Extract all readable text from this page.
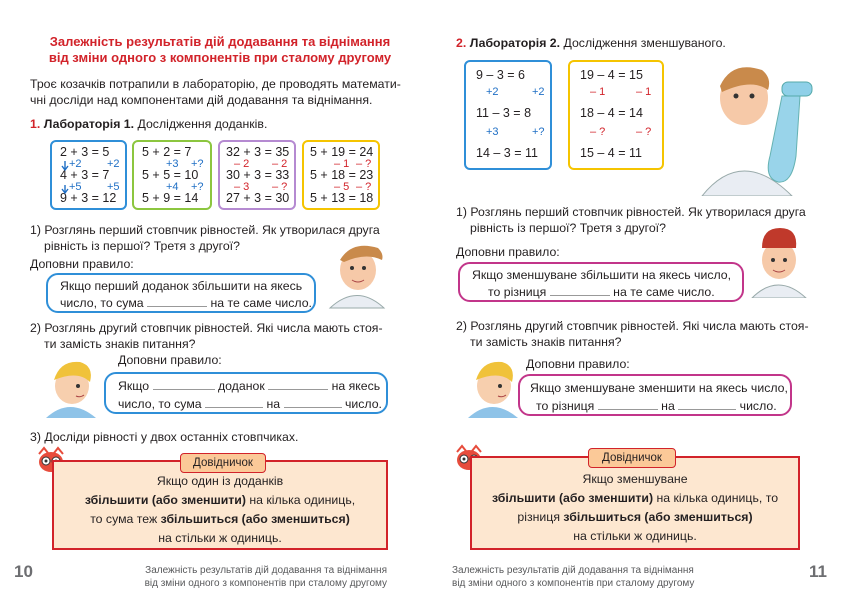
Залежність результатів дій додавання та віднімання
від зміни одного з компонентів при сталому другому
Троє козачків потрапили в лабораторію, де проводять математи-
чні досліди над компонентами дій додавання та віднімання.
1. Лабораторія 1. Дослідження доданків.
2 + 3 = 5
4 + 3 = 7
9 + 3 = 12
+2 +2
+5 +5
5 + 2 = 7
5 + 5 = 10
5 + 9 = 14
+3 +?
+4 +?
32 + 3 = 35
30 + 3 = 33
27 + 3 = 30
– 2 – 2
– 3 – ?
5 + 19 = 24
5 + 18 = 23
5 + 13 = 18
– 1 – ?
– 5 – ?
1) Розглянь перший стовпчик рівностей. Як утворилася друга
рівність із першої? Третя з другої?
Доповни правило:
Якщо перший доданок збільшити на якесь
число, то сума	на те саме число.
2) Розглянь другий стовпчик рівностей. Які числа мають стоя-
ти замість знаків питання?
Доповни правило:
Якщо	доданок	на якесь
число, то сума	на	число.
3) Досліди рівності у двох останніх стовпчиках.
Довідничок
Якщо один із доданків
збільшити (або зменшити) на кілька одиниць,
то сума теж збільшиться (або зменшиться)
на стільки ж одиниць.
10	Залежність результатів дій додавання та віднімання
від зміни одного з компонентів при сталому другому
2. Лабораторія 2. Дослідження зменшуваного.
9 – 3 = 6
11 – 3 = 8
14 – 3 = 11
+2	+2
+3	+?
19 – 4 = 15
18 – 4 = 14
15 – 4 = 11
– 1	– 1
– ?	– ?
1) Розглянь перший стовпчик рівностей. Як утворилася друга
рівність із першої? Третя з другої?
Доповни правило:
Якщо зменшуване збільшити на якесь число,
то різниця	на те саме число.
2) Розглянь другий стовпчик рівностей. Які числа мають стоя-
ти замість знаків питання?
Доповни правило:
Якщо зменшуване зменшити на якесь число,
то різниця	на	число.
Довідничок
Якщо зменшуване
збільшити (або зменшити) на кілька одиниць, то
різниця збільшиться (або зменшиться)
на стільки ж одиниць.
Залежність результатів дій додавання та віднімання
від зміни одного з компонентів при сталому другому
11
